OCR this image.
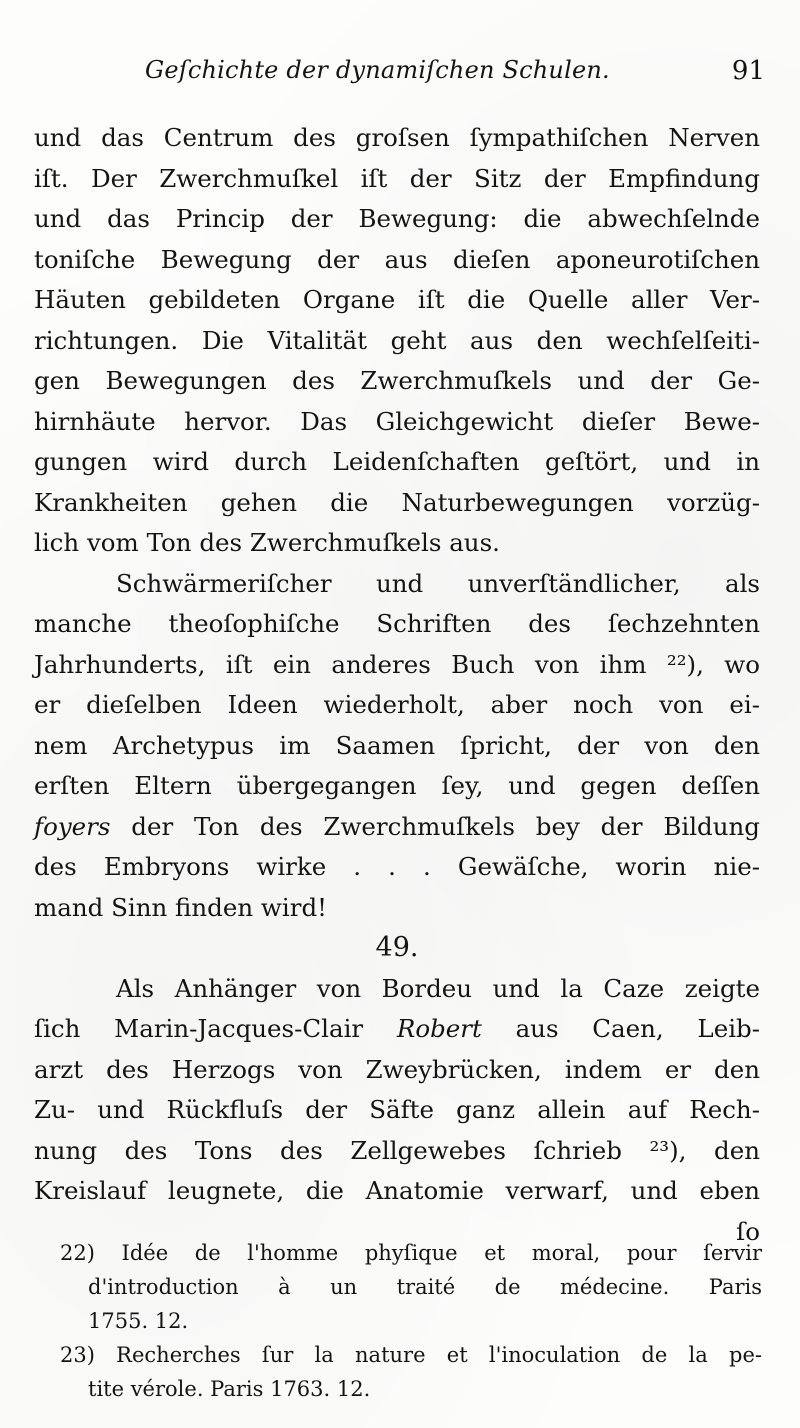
Geſchichte der dynamiſchen Schulen.	91
und das Centrum des groſsen ſympathiſchen Nerven
iſt. Der Zwerchmuſkel iſt der Sitz der Empfindung
und das Princip der Bewegung: die abwechſelnde
toniſche Bewegung der aus dieſen aponeurotiſchen
Häuten gebildeten Organe iſt die Quelle aller Ver-
richtungen. Die Vitalität geht aus den wechſelſeiti-
gen Bewegungen des Zwerchmuſkels und der Ge-
hirnhäute hervor. Das Gleichgewicht dieſer Bewe-
gungen wird durch Leidenſchaften geſtört, und in
Krankheiten gehen die Naturbewegungen vorzüg-
lich vom Ton des Zwerchmuſkels aus.
Schwärmeriſcher und unverſtändlicher, als
manche theoſophiſche Schriften des ſechzehnten
Jahrhunderts, iſt ein anderes Buch von ihm ²²), wo
er dieſelben Ideen wiederholt, aber noch von ei-
nem Archetypus im Saamen ſpricht, der von den
erſten Eltern übergegangen ſey, und gegen deſſen
foyers der Ton des Zwerchmuſkels bey der Bildung
des Embryons wirke . . . Gewäſche, worin nie-
mand Sinn finden wird!
49.
Als Anhänger von Bordeu und la Caze zeigte
ſich Marin-Jacques-Clair Robert aus Caen, Leib-
arzt des Herzogs von Zweybrücken, indem er den
Zu- und Rückfluſs der Säfte ganz allein auf Rech-
nung des Tons des Zellgewebes ſchrieb ²³), den
Kreislauf leugnete, die Anatomie verwarf, und eben
ſo
22) Idée de l'homme phyſique et moral, pour ſervir
d'introduction à un traité de médecine. Paris
1755. 12.
23) Recherches ſur la nature et l'inoculation de la pe-
tite vérole. Paris 1763. 12.
